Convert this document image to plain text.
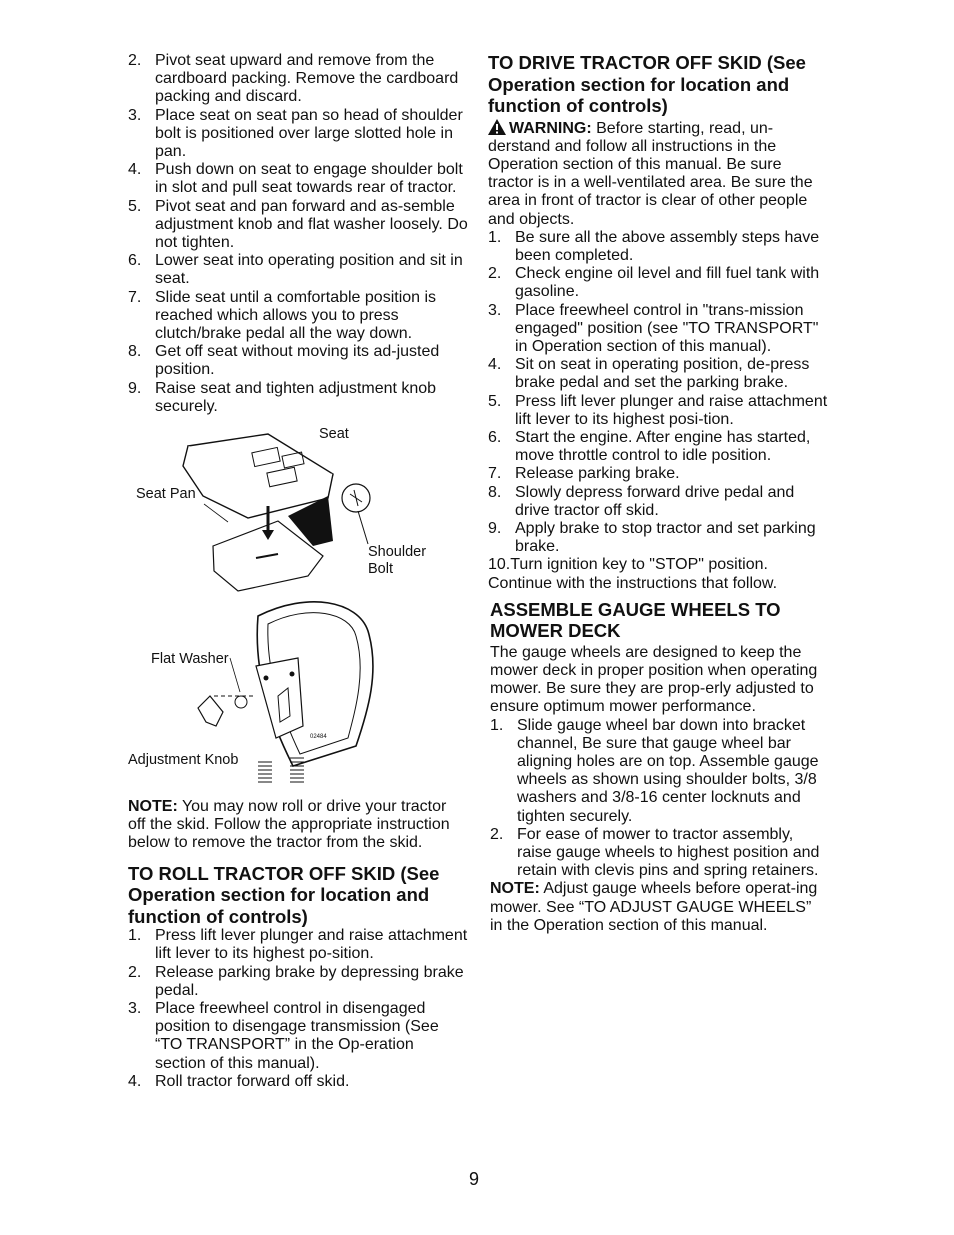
2. Pivot seat upward and remove from the cardboard packing. Remove the cardboard packing and discard.
3. Place seat on seat pan so head of shoulder bolt is positioned over large slotted hole in pan.
4. Push down on seat to engage shoulder bolt in slot and pull seat towards rear of tractor.
5. Pivot seat and pan forward and as-semble adjustment knob and flat washer loosely. Do not tighten.
6. Lower seat into operating position and sit in seat.
7. Slide seat until a comfortable position is reached which allows you to press clutch/brake pedal all the way down.
8. Get off seat without moving its ad-justed position.
9. Raise seat and tighten adjustment knob securely.
Seat
Seat Pan
Shoulder Bolt
Flat Washer
Adjustment Knob
02484

NOTE: You may now roll or drive your tractor off the skid. Follow the appropriate instruction below to remove the tractor from the skid.

TO ROLL TRACTOR OFF SKID (See Operation section for location and function of controls)
1. Press lift lever plunger and raise attachment lift lever to its highest po-sition.
2. Release parking brake by depressing brake pedal.
3. Place freewheel control in disengaged position to disengage transmission (See “TO TRANSPORT” in the Op-eration section of this manual).
4. Roll tractor forward off skid.
TO DRIVE TRACTOR OFF SKID (See Operation section for location and function of controls)

WARNING: Before starting, read, un-derstand and follow all instructions in the Operation section of this manual. Be sure tractor is in a well-ventilated area. Be sure the area in front of tractor is clear of other people and objects.

1. Be sure all the above assembly steps have been completed.
2. Check engine oil level and fill fuel tank with gasoline.
3. Place freewheel control in "trans-mission engaged" position (see "TO TRANSPORT" in Operation section of this manual).
4. Sit on seat in operating position, de-press brake pedal and set the parking brake.
5. Press lift lever plunger and raise attachment lift lever to its highest posi-tion.
6. Start the engine. After engine has started, move throttle control to idle position.
7. Release parking brake.
8. Slowly depress forward drive pedal and drive tractor off skid.
9. Apply brake to stop tractor and set parking brake.
10.Turn ignition key to "STOP" position.

Continue with the instructions that follow.

ASSEMBLE GAUGE WHEELS TO MOWER DECK

The gauge wheels are designed to keep the mower deck in proper position when operating mower. Be sure they are prop-erly adjusted to ensure optimum mower performance.

1. Slide gauge wheel bar down into bracket channel, Be sure that gauge wheel bar aligning holes are on top. Assemble gauge wheels as shown using shoulder bolts, 3/8 washers and 3/8-16 center locknuts and tighten securely.
2. For ease of mower to tractor assembly, raise gauge wheels to highest position and retain with clevis pins and spring retainers.

NOTE: Adjust gauge wheels before operat-ing mower. See “TO ADJUST GAUGE WHEELS” in the Operation section of this manual.

9
